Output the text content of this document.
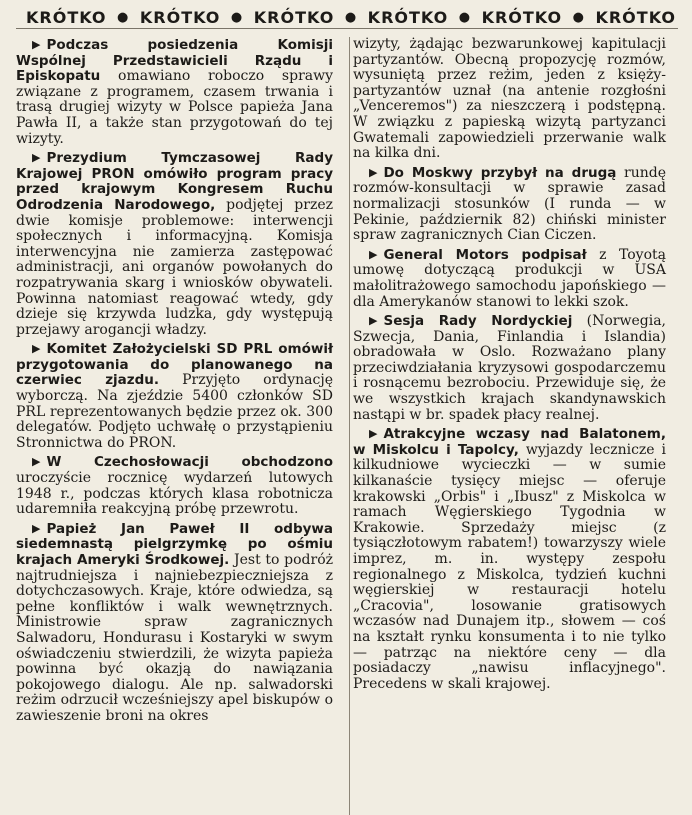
KRÓTKO ● KRÓTKO ● KRÓTKO ● KRÓTKO ● KRÓTKO ● KRÓTKO

▶ Podczas posiedzenia Komisji Wspólnej Przedstawicieli Rządu i Episkopatu omawiano roboczo sprawy związane z programem, czasem trwania i trasą drugiej wizyty w Polsce papieża Jana Pawła II, a także stan przygotowań do tej wizyty.

▶ Prezydium Tymczasowej Rady Krajowej PRON omówiło program pracy przed krajowym Kongresem Ruchu Odrodzenia Narodowego, podjętej przez dwie komisje problemowe: interwencji społecznych i informacyjną. Komisja interwencyjna nie zamierza zastępować administracji, ani organów powołanych do rozpatrywania skarg i wniosków obywateli. Powinna natomiast reagować wtedy, gdy dzieje się krzywda ludzka, gdy występują przejawy arogancji władzy.

▶ Komitet Założycielski SD PRL omówił przygotowania do planowanego na czerwiec zjazdu. Przyjęto ordynację wyborczą. Na zjeździe 5400 członków SD PRL reprezentowanych będzie przez ok. 300 delegatów. Podjęto uchwałę o przystąpieniu Stronnictwa do PRON.

▶ W Czechosłowacji obchodzono uroczyście rocznicę wydarzeń lutowych 1948 r., podczas których klasa robotnicza udaremniła reakcyjną próbę przewrotu.

▶ Papież Jan Paweł II odbywa siedemnastą pielgrzymkę po ośmiu krajach Ameryki Środkowej. Jest to podróż najtrudniejsza i najniebezpieczniejsza z dotychczasowych. Kraje, które odwiedza, są pełne konfliktów i walk wewnętrznych. Ministrowie spraw zagranicznych Salwadoru, Hondurasu i Kostaryki w swym oświadczeniu stwierdzili, że wizyta papieża powinna być okazją do nawiązania pokojowego dialogu. Ale np. salwadorski reżim odrzucił wcześniejszy apel biskupów o zawieszenie broni na okres

wizyty, żądając bezwarunkowej kapitulacji partyzantów. Obecną propozycję rozmów, wysuniętą przez reżim, jeden z księży-partyzantów uznał (na antenie rozgłośni „Venceremos") za nieszczerą i podstępną. W związku z papieską wizytą partyzanci Gwatemali zapowiedzieli przerwanie walk na kilka dni.

▶ Do Moskwy przybył na drugą rundę rozmów-konsultacji w sprawie zasad normalizacji stosunków (I runda — w Pekinie, październik 82) chiński minister spraw zagranicznych Cian Ciczen.

▶ General Motors podpisał z Toyotą umowę dotyczącą produkcji w USA małolitrażowego samochodu japońskiego — dla Amerykanów stanowi to lekki szok.

▶ Sesja Rady Nordyckiej (Norwegia, Szwecja, Dania, Finlandia i Islandia) obradowała w Oslo. Rozważano plany przeciwdziałania kryzysowi gospodarczemu i rosnącemu bezrobociu. Przewiduje się, że we wszystkich krajach skandynawskich nastąpi w br. spadek płacy realnej.

▶ Atrakcyjne wczasy nad Balatonem, w Miskolcu i Tapolcy, wyjazdy lecznicze i kilkudniowe wycieczki — w sumie kilkanaście tysięcy miejsc — oferuje krakowski „Orbis" i „Ibusz" z Miskolca w ramach Węgierskiego Tygodnia w Krakowie. Sprzedaży miejsc (z tysiączłotowym rabatem!) towarzyszy wiele imprez, m. in. występy zespołu regionalnego z Miskolca, tydzień kuchni węgierskiej w restauracji hotelu „Cracovia", losowanie gratisowych wczasów nad Dunajem itp., słowem — coś na kształt rynku konsumenta i to nie tylko — patrząc na niektóre ceny — dla posiadaczy „nawisu inflacyjnego". Precedens w skali krajowej.
